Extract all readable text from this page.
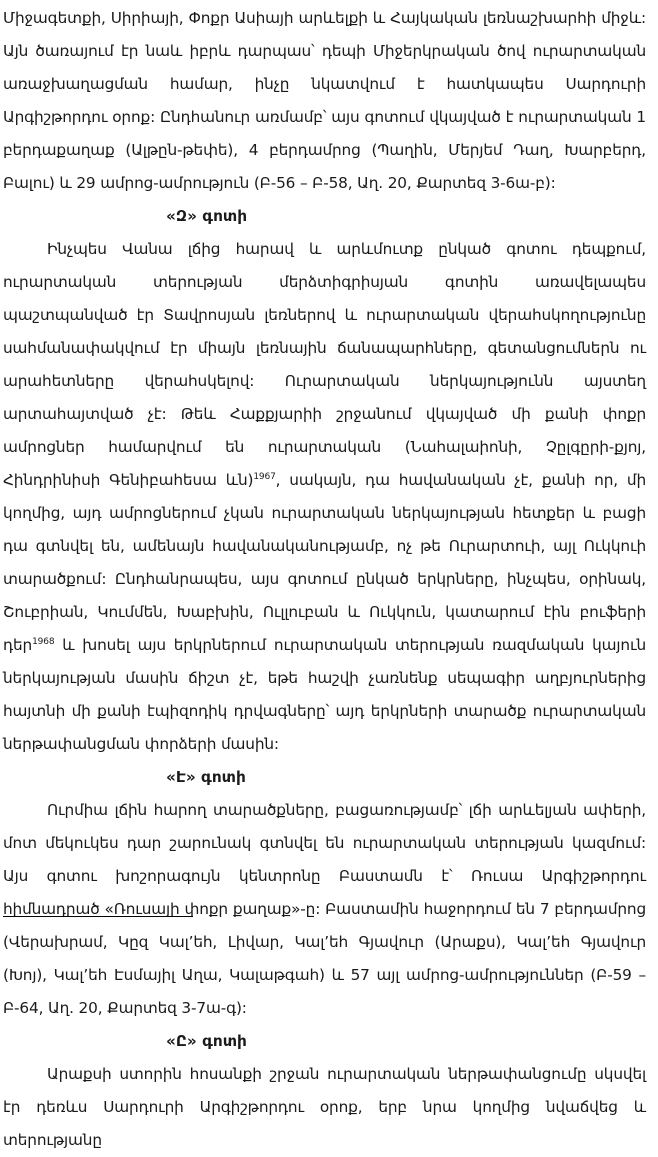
Միջագետքի, Սիրիայի, Փոքր Ասիայի արևելքի և Հայկական լեռնաշխարհի միջև: Այն ծառայում էր նաև իբրև դարպաս՝ դեպի Միջերկրական ծով ուրարտական առաջխաղացման համար, ինչը նկատվում է հատկապես Սարդուրի Արգիշթորդու օրոք: Ընդհանուր առմամբ՝ այս գոտում վկայված է ուրարտական 1 բերդաքաղաք (Ալթըն-թեփե), 4 բերդամրոց (Պաղին, Մերյեմ Դաղ, Խարբերդ, Բալու) և 29 ամրոց-ամրություն (Բ-56 – Բ-58, Աղ. 20, Քարտեզ 3-6ա-բ):

«Զ» գոտի

Ինչպես Վանա լճից հարավ և արևմուտք ընկած գոտու դեպքում, ուրարտական տերության մերձտիգրիսյան գոտին առավելապես պաշտպանված էր Տավրոսյան լեռներով և ուրարտական վերահսկողությունը սահմանափակվում էր միայն լեռնային ճանապարհները, գետանցումներն ու արահետները վերահսկելով: Ուրարտական ներկայությունն այստեղ արտահայտված չէ: Թեև Հաքքյարիի շրջանում վկայված մի քանի փոքր ամրոցներ համարվում են ուրարտական (Նահալաիոնի, Չըլգըրի-քյոյ, Հինդրինիսի Գենիբահեսա ևն)$^{1967}$, սակայն, դա հավանական չէ, քանի որ, մի կողմից, այդ ամրոցներում չկան ուրարտական ներկայության հետքեր և բացի դա գտնվել են, ամենայն հավանականությամբ, ոչ թե Ուրարտուի, այլ Ուկկուի տարածքում: Ընդհանրապես, այս գոտում ընկած երկրները, ինչպես, օրինակ, Շուբրիան, Կումմեն, Խաբխին, Ուլլուբան և Ուկկուն, կատարում էին բուֆերի դեր$^{1968}$ և խոսել այս երկրներում ուրարտական տերության ռազմական կայուն ներկայության մասին ճիշտ չէ, եթե հաշվի չառնենք սեպագիր աղբյուրներից հայտնի մի քանի էպիզոդիկ դրվագները՝ այդ երկրների տարածք ուրարտական ներթափանցման փորձերի մասին:

«Է» գոտի

Ուրմիա լճին հարող տարածքները, բացառությամբ՝ լճի արևելյան ափերի, մոտ մեկուկես դար շարունակ գտնվել են ուրարտական տերության կազմում: Այս գոտու խոշորագույն կենտրոնը Բաստամն է՝ Ռուսա Արգիշթորդու հիմնադրած «Ռուսայի փոքր քաղաք»-ը: Բաստամին հաջորդում են 7 բերդամրոց (Վերախրամ, Կըզ Կալ՚եհ, Լիվար, Կալ՚եհ Գյավուր (Արաքս), Կալ՚եհ Գյավուր (Խոյ), Կալ՚եհ Էսմայիլ Աղա, Կալաթգահ) և 57 այլ ամրոց-ամրություններ (Բ-59 – Բ-64, Աղ. 20, Քարտեզ 3-7ա-գ):

«Ը» գոտի

Արաքսի ստորին հոսանքի շրջան ուրարտական ներթափանցումը սկսվել էր դեռևս Սարդուրի Արգիշթորդու օրոք, երբ նրա կողմից նվաճվեց և տերությանը
